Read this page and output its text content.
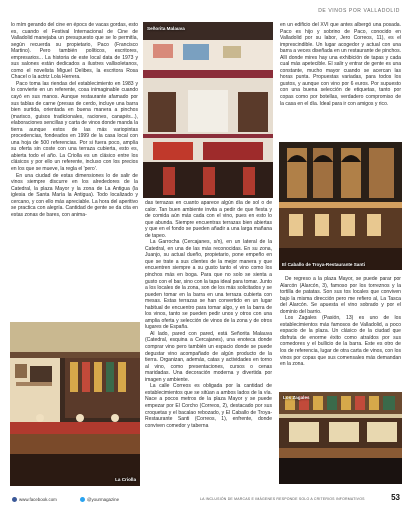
DE VINOS POR VALLADOLID

lo mím gerando del cine en épocs de vacas gordas, esto es, cuando el Festival Internacional de Cine de Valladolid manejaba un presupuesto que se lo permitía, según recuerda su propietario, Paco (Francisco Martino). Pero también políticos, escritores, empresarios... La historia de este local data de 1973 y sus salones están dedicados a ilustres vallisoletanos, como el novelista Miguel Delibes, la escritora Rosa Chacel o la actriz Lola Herrera.

Paco toma las riendas del establecimiento en 1983 y lo convierte en un referente, cosa inimaginable cuando cayó en sus manos. Aunque restaurante afamado por sus tablas de carne (presas de cerdo, incluye una barra bien surtida, orientada en buena manera a pinchos (marisco, guisos tradicionales, raciones, canapés...), elaboraciones sencillas y carta de vinos donde manda la tierra aunque estos de las más variopintas procedencias, fondeados en 1999 de la casa local con una hoja de 500 referencias. Por si fuera poco, amplía su oferta sin coste con una terraza cubierta, esto es, abierta todo el año. La Criolla es un clásico entre los clásicos y por ello un referente, incluso con los precios en los que se mueve, la regla el 'pero'.

En una ciudad de estas dimensiones lo de salir de vinos siempre discurre en los alrededores de la Catedral, la plaza Mayor y la zona de La Antigua (la iglesia de Santa María la Antigua). Todo localizado y cercano, y con ello más apreciable. La hora del aperitivo se practica con alegría. Cantidad de gente se da cita en estas zonas de bares, con anima-

La Criolla
Señorita Malauva

das terrazas en cuanto aparece algún día de sol o de calor. Tan buen ambiente invita a pedir de que fiesta y de comida aún más cada con el vino, pues en esto lo que abunda. Siempre encuentras terrazas bien abiertas y que en el fondo se pueden añadir a una larga mañana de tapeo.

La Garrocha (Cercajanes, s/n), en un lateral de la Catedral, en una de las más reconocidas. En su zona, Juanjo, su actual dueño, propietario, pone empeño en que se trate a sus clientes de la mejor manera y que encuentren siempre a su gusto tanto el vino como los pinchos más en boga. Para que no solo se sienta a gusto con el bar, sino con la tapa ideal para tomar. Junto a los locales de la zona, son de los más solicitados y se pueden tomar en la barra en una terraza cubierta con mesas. Estas terrazas se han convertido en un lugar habitual de encuentro para tomar algo, y en la barra de los vinos, tanto se pueden pedir unos y otros con una amplia oferta y selección de vinos de la zona y de otros lugares de España.

Al lado, pared con pared, está Señorita Malauva (Catedral, esquina a Cercajanes), una enoteca donde comprar vino pero también un espacio donde se puede degustar vino acompañado de algún producto de la tierra. Organizan, además, catas y actividades en torno al vino, como presentaciones, cursos o cenas maridadas. Una decoración moderna y divertida por imagen y ambiente.

La calle Correos es obligada por la cantidad de establecimientos que se sitúan a ambos lados de la vía. Nace a pocos metros de la plaza Mayor y se puede empezar por El Corcho (Correos, 2), destacado por sus croquetas y el bacalao rebozado, y El Caballo de Troya-Restaurante Santi (Correos, 1), enfrente, donde conviven comedor y taberna

en un edificio del XVI que antes albergó una posada. Paco es hijo y sobrino de Paco, conocido en Valladolid por su labor, Jero Correos, 11), es el imprescindible. Un lugar acogedor y actual con una barra a veces diseñada en un restaurante de pinchos. Allí donde mires hay una exhibición de tapas y cada cual más apetecible. El salir y entrar de gente es una constante, mucho mayor cuando se acercan las horas punta. Propuestas variadas, para todos los gustos, y aunque con vino por 6 euros. Por supuesto con una buena selección de etiquetas, tanto por copas como por botellas, verdadero compromiso de la casa en el día. Ideal para ir con amigos y rico.

El Caballo de Troya-Restaurante Santi

De regreso a la plaza Mayor, se puede parar por Alarcón (Alarcón, 3), famoso por los torreznos y la tortilla de patatas. Son sus tos locales que conviven bajo la misma dirección pero me refiero al, La Tasca del Alarcón. Se apuesta el vino sobrado y por el dominio del barrio.

Los Zagales (Pasión, 13) es uno de los establecimientos más famosos de Valladolid, a poco espacio de la plaza. Un clásico de la ciudad que disfruta de enorme éxito como atraídos por sus comedores y el bullicio de la barra. Este es otro de los de referencia, lugar de otra carta de vinos, con los vinos por copas que sus comensales más demandan en la zona.

Los Zagales
www.facebook.com	@yourmagazine	LA INCLUSIÓN DE MARCAS E IMÁGENES RESPONDE SOLO A CRITERIOS INFORMATIVOS	53
